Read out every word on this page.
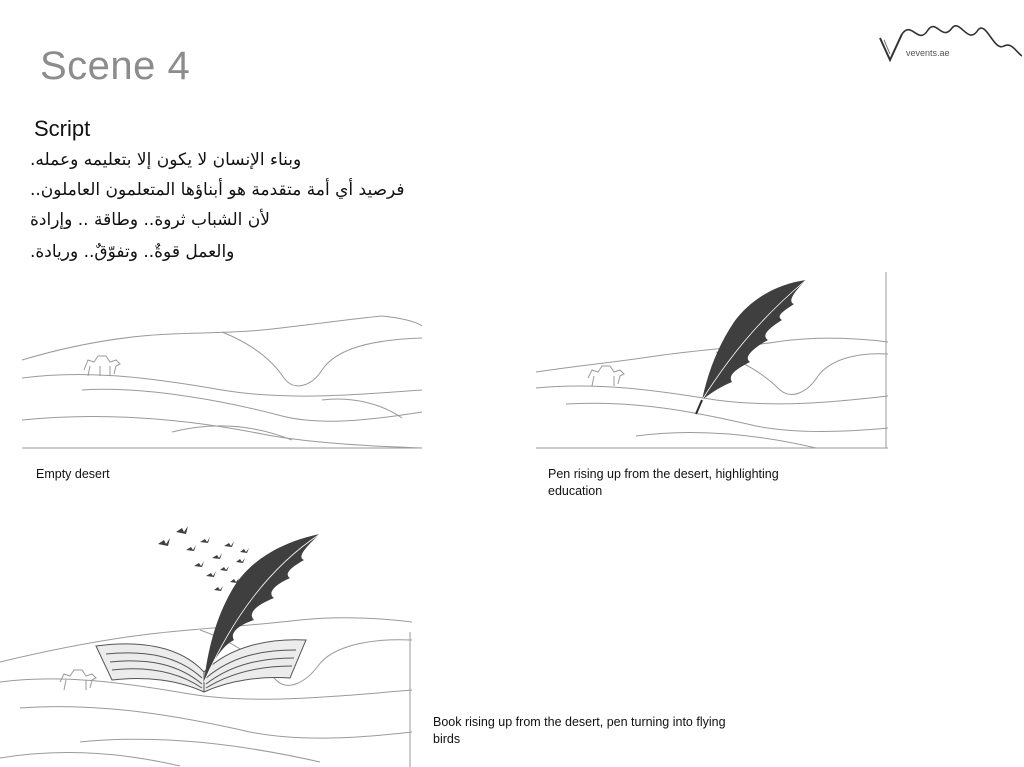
Scene 4	vevents.ae
Script
وبناء الإنسان لا يكون إلا بتعليمه وعمله.
فرصيد أي أمة متقدمة هو أبناؤها المتعلمون العاملون..
لأن الشباب ثروة.. وطاقة .. وإرادة
والعمل قوةٌ.. وتفوّقٌ.. وريادة.
Empty desert	Pen rising up from the desert, highlighting education
Book rising up from the desert, pen turning into flying birds
